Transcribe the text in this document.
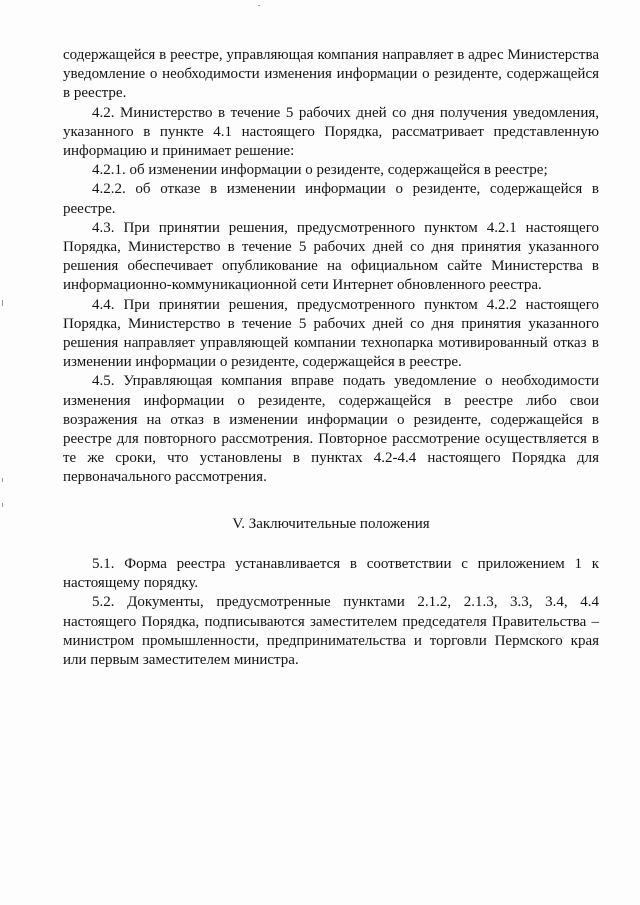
содержащейся в реестре, управляющая компания направляет в адрес Министерства уведомление о необходимости изменения информации о резиденте, содержащейся в реестре.

4.2. Министерство в течение 5 рабочих дней со дня получения уведомления, указанного в пункте 4.1 настоящего Порядка, рассматривает представленную информацию и принимает решение:

4.2.1. об изменении информации о резиденте, содержащейся в реестре;

4.2.2. об отказе в изменении информации о резиденте, содержащейся в реестре.

4.3. При принятии решения, предусмотренного пунктом 4.2.1 настоящего Порядка, Министерство в течение 5 рабочих дней со дня принятия указанного решения обеспечивает опубликование на официальном сайте Министерства в информационно-коммуникационной сети Интернет обновленного реестра.

4.4. При принятии решения, предусмотренного пунктом 4.2.2 настоящего Порядка, Министерство в течение 5 рабочих дней со дня принятия указанного решения направляет управляющей компании технопарка мотивированный отказ в изменении информации о резиденте, содержащейся в реестре.

4.5. Управляющая компания вправе подать уведомление о необходимости изменения информации о резиденте, содержащейся в реестре либо свои возражения на отказ в изменении информации о резиденте, содержащейся в реестре для повторного рассмотрения. Повторное рассмотрение осуществляется в те же сроки, что установлены в пунктах 4.2-4.4 настоящего Порядка для первоначального рассмотрения.

V. Заключительные положения

5.1. Форма реестра устанавливается в соответствии с приложением 1 к настоящему порядку.

5.2. Документы, предусмотренные пунктами 2.1.2, 2.1.3, 3.3, 3.4, 4.4 настоящего Порядка, подписываются заместителем председателя Правительства – министром промышленности, предпринимательства и торговли Пермского края или первым заместителем министра.
